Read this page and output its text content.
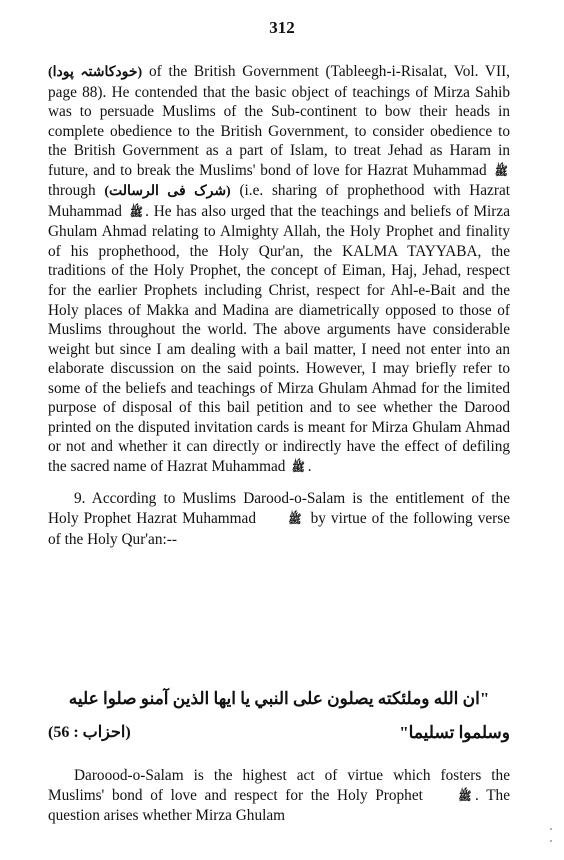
312

(خودکاشتہ پودا) of the British Government (Tableegh-i-Risalat, Vol. VII, page 88). He contended that the basic object of teachings of Mirza Sahib was to persuade Muslims of the Sub-continent to bow their heads in complete obedience to the British Government, to consider obedience to the British Government as a part of Islam, to treat Jehad as Haram in future, and to break the Muslims' bond of love for Hazrat Muhammad ﷺ through (شرک فی الرسالت) (i.e. sharing of prophethood with Hazrat Muhammad ﷺ . He has also urged that the teachings and beliefs of Mirza Ghulam Ahmad relating to Almighty Allah, the Holy Prophet and finality of his prophethood, the Holy Qur'an, the KALMA TAYYABA, the traditions of the Holy Prophet, the concept of Eiman, Haj, Jehad, respect for the earlier Prophets including Christ, respect for Ahl-e-Bait and the Holy places of Makka and Madina are diametrically opposed to those of Muslims throughout the world. The above arguments have considerable weight but since I am dealing with a bail matter, I need not enter into an elaborate discussion on the said points. However, I may briefly refer to some of the beliefs and teachings of Mirza Ghulam Ahmad for the limited purpose of disposal of this bail petition and to see whether the Darood printed on the disputed invitation cards is meant for Mirza Ghulam Ahmad or not and whether it can directly or indirectly have the effect of defiling the sacred name of Hazrat Muhammad ﷺ .

9. According to Muslims Darood-o-Salam is the entitlement of the Holy Prophet Hazrat Muhammad ﷺ by virtue of the following verse of the Holy Qur'an:--

"ان الله وملئكته يصلون على النبي يا ايها الذين آمنو صلوا عليه
(احزاب : 56)	وسلموا تسليما"

Daroood-o-Salam is the highest act of virtue which fosters the Muslims' bond of love and respect for the Holy Prophet ﷺ . The question arises whether Mirza Ghulam
